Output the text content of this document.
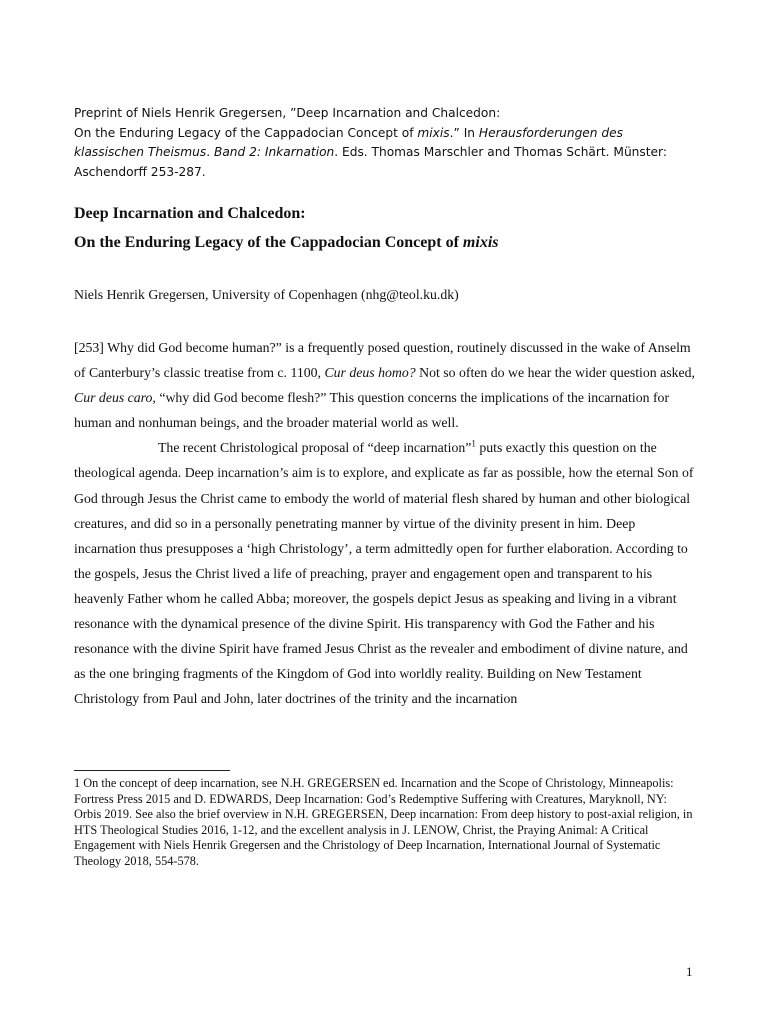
Preprint of Niels Henrik Gregersen, ”Deep Incarnation and Chalcedon:

On the Enduring Legacy of the Cappadocian Concept of mixis.” In Herausforderungen des

klassischen Theismus. Band 2: Inkarnation. Eds. Thomas Marschler and Thomas Schärt. Münster:

Aschendorff 253-287.

Deep Incarnation and Chalcedon:
On the Enduring Legacy of the Cappadocian Concept of mixis

Niels Henrik Gregersen, University of Copenhagen (nhg@teol.ku.dk)

[253] Why did God become human?” is a frequently posed question, routinely discussed in the wake of Anselm of Canterbury’s classic treatise from c. 1100, Cur deus homo? Not so often do we hear the wider question asked, Cur deus caro, “why did God become flesh?” This question concerns the implications of the incarnation for human and nonhuman beings, and the broader material world as well.

The recent Christological proposal of “deep incarnation”$^1$ puts exactly this question on the theological agenda. Deep incarnation’s aim is to explore, and explicate as far as possible, how the eternal Son of God through Jesus the Christ came to embody the world of material flesh shared by human and other biological creatures, and did so in a personally penetrating manner by virtue of the divinity present in him. Deep incarnation thus presupposes a ‘high Christology’, a term admittedly open for further elaboration. According to the gospels, Jesus the Christ lived a life of preaching, prayer and engagement open and transparent to his heavenly Father whom he called Abba; moreover, the gospels depict Jesus as speaking and living in a vibrant resonance with the dynamical presence of the divine Spirit. His transparency with God the Father and his resonance with the divine Spirit have framed Jesus Christ as the revealer and embodiment of divine nature, and as the one bringing fragments of the Kingdom of God into worldly reality. Building on New Testament Christology from Paul and John, later doctrines of the trinity and the incarnation

1 On the concept of deep incarnation, see N.H. GREGERSEN ed. Incarnation and the Scope of Christology, Minneapolis: Fortress Press 2015 and D. EDWARDS, Deep Incarnation: God’s Redemptive Suffering with Creatures, Maryknoll, NY: Orbis 2019. See also the brief overview in N.H. GREGERSEN, Deep incarnation: From deep history to post-axial religion, in HTS Theological Studies 2016, 1-12, and the excellent analysis in J. LENOW, Christ, the Praying Animal: A Critical Engagement with Niels Henrik Gregersen and the Christology of Deep Incarnation, International Journal of Systematic Theology 2018, 554-578.

1
